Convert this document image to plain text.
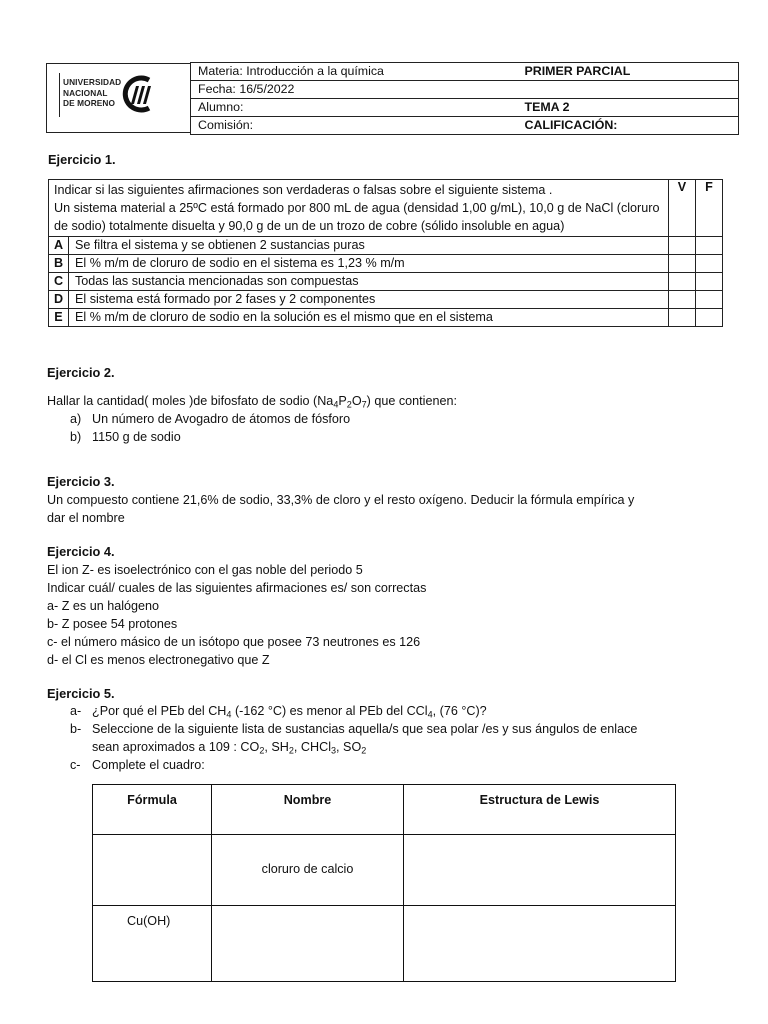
UNIVERSIDAD
NACIONAL
DE MORENO
Materia: Introducción a la química	PRIMER PARCIAL
Fecha: 16/5/2022	
Alumno:	TEMA 2
Comisión:	CALIFICACIÓN:
Ejercicio 1.
Indicar si las siguientes afirmaciones son verdaderas o falsas sobre el siguiente sistema .
Un sistema material a 25ºC está formado por 800 mL de agua (densidad 1,00 g/mL), 10,0 g de NaCl (cloruro de sodio) totalmente disuelta y 90,0 g de un de un trozo de cobre (sólido insoluble en agua)		V	F
A	Se filtra el sistema y se obtienen 2 sustancias puras		
B	El % m/m de cloruro de sodio en el sistema es 1,23 % m/m		
C	Todas las sustancia mencionadas son compuestas		
D	El sistema está formado por 2 fases y 2 componentes		
E	El % m/m de cloruro de sodio en la solución es el mismo que en el sistema		
Ejercicio 2.
Hallar la cantidad( moles )de bifosfato de sodio $(Na_4P_2O_7)$ que contienen:
a) Un número de Avogadro de átomos de fósforo
b) 1150 g de sodio
Ejercicio 3.
Un compuesto contiene 21,6% de sodio, 33,3% de cloro y el resto oxígeno. Deducir la fórmula empírica y
dar el nombre
Ejercicio 4.
El ion Z- es isoelectrónico con el gas noble del periodo 5
Indicar cuál/ cuales de las siguientes afirmaciones es/ son correctas
a- Z es un halógeno
b- Z posee 54 protones
c- el número másico de un isótopo que posee 73 neutrones es 126
d- el Cl es menos electronegativo que Z
Ejercicio 5.
a- ¿Por qué el PEb del $CH_4$ (-162 °C) es menor al PEb del CCl$_4$, (76 °C)?
b- Seleccione de la siguiente lista de sustancias aquella/s que sea polar /es y sus ángulos de enlace
sean aproximados a 109 : $CO_2$, $SH_2$, CHCl$_3$, $SO_2$
c- Complete el cuadro:
Fórmula	Nombre	Estructura de Lewis
	cloruro de calcio	
Cu(OH)		
